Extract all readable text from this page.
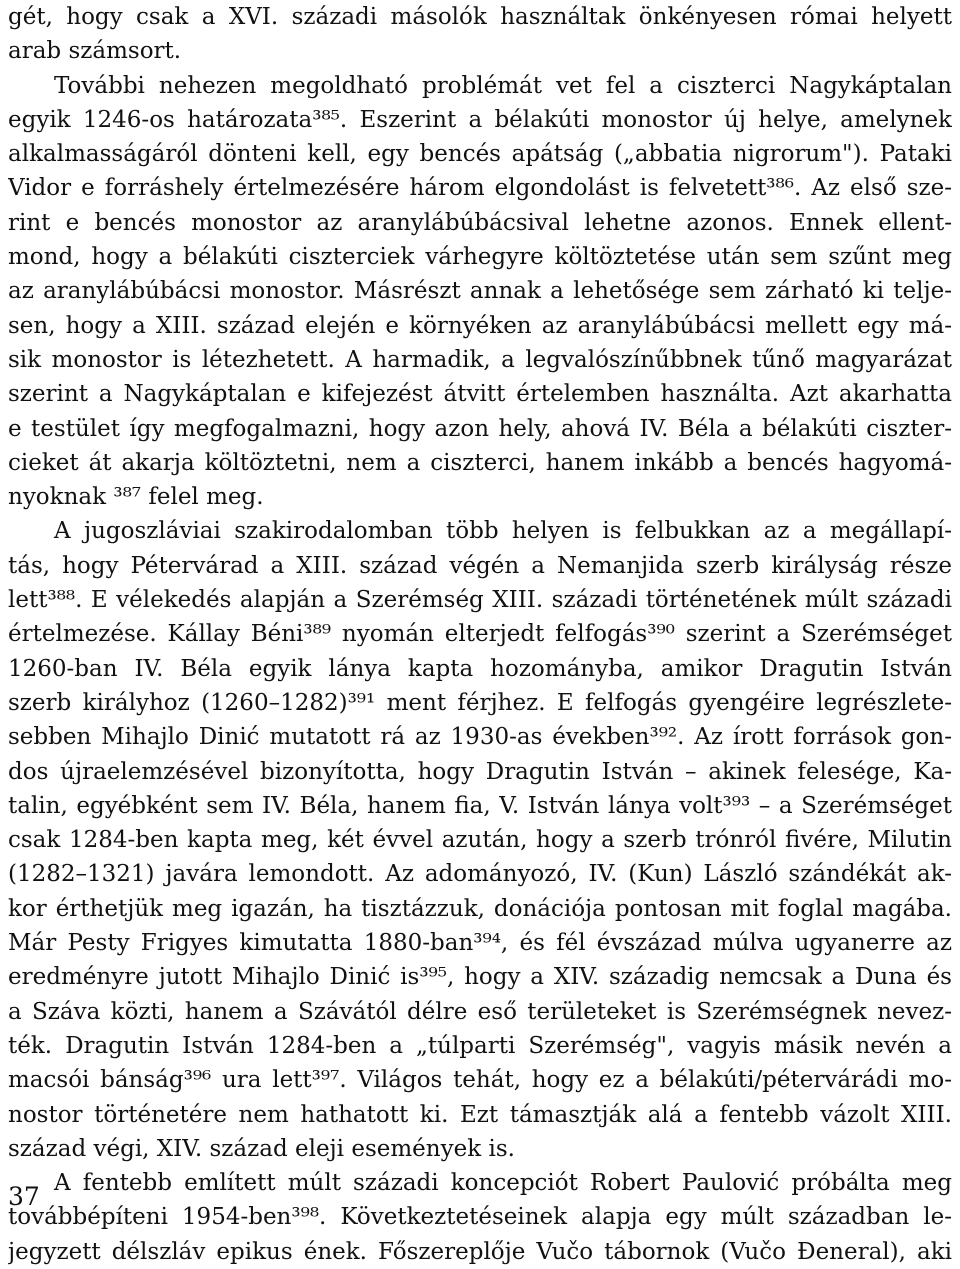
gét, hogy csak a XVI. századi másolók használtak önkényesen római helyett
arab számsort.
További nehezen megoldható problémát vet fel a ciszterci Nagykáptalan
egyik 1246-os határozata³⁸⁵. Eszerint a bélakúti monostor új helye, amelynek
alkalmasságáról dönteni kell, egy bencés apátság („abbatia nigrorum"). Pataki
Vidor e forráshely értelmezésére három elgondolást is felvetett³⁸⁶. Az első sze-
rint e bencés monostor az aranylábúbácsival lehetne azonos. Ennek ellent-
mond, hogy a bélakúti ciszterciek várhegyre költöztetése után sem szűnt meg
az aranylábúbácsi monostor. Másrészt annak a lehetősége sem zárható ki telje-
sen, hogy a XIII. század elején e környéken az aranylábúbácsi mellett egy má-
sik monostor is létezhetett. A harmadik, a legvalószínűbbnek tűnő magyarázat
szerint a Nagykáptalan e kifejezést átvitt értelemben használta. Azt akarhatta
e testület így megfogalmazni, hogy azon hely, ahová IV. Béla a bélakúti ciszter-
cieket át akarja költöztetni, nem a ciszterci, hanem inkább a bencés hagyomá-
nyoknak ³⁸⁷ felel meg.
A jugoszláviai szakirodalomban több helyen is felbukkan az a megállapí-
tás, hogy Pétervárad a XIII. század végén a Nemanjida szerb királyság része
lett³⁸⁸. E vélekedés alapján a Szerémség XIII. századi történetének múlt századi
értelmezése. Kállay Béni³⁸⁹ nyomán elterjedt felfogás³⁹⁰ szerint a Szerémséget
1260-ban IV. Béla egyik lánya kapta hozományba, amikor Dragutin István
szerb királyhoz (1260–1282)³⁹¹ ment férjhez. E felfogás gyengéire legrészlete-
sebben Mihajlo Dinić mutatott rá az 1930-as években³⁹². Az írott források gon-
dos újraelemzésével bizonyította, hogy Dragutin István – akinek felesége, Ka-
talin, egyébként sem IV. Béla, hanem fia, V. István lánya volt³⁹³ – a Szerémséget
csak 1284-ben kapta meg, két évvel azután, hogy a szerb trónról fivére, Milutin
(1282–1321) javára lemondott. Az adományozó, IV. (Kun) László szándékát ak-
kor érthetjük meg igazán, ha tisztázzuk, donációja pontosan mit foglal magába.
Már Pesty Frigyes kimutatta 1880-ban³⁹⁴, és fél évszázad múlva ugyanerre az
eredményre jutott Mihajlo Dinić is³⁹⁵, hogy a XIV. századig nemcsak a Duna és
a Száva közti, hanem a Szávától délre eső területeket is Szerémségnek nevez-
ték. Dragutin István 1284-ben a „túlparti Szerémség", vagyis másik nevén a
macsói bánság³⁹⁶ ura lett³⁹⁷. Világos tehát, hogy ez a bélakúti/pétervárádi mo-
nostor történetére nem hathatott ki. Ezt támasztják alá a fentebb vázolt XIII.
század végi, XIV. század eleji események is.
A fentebb említett múlt századi koncepciót Robert Paulović próbálta meg
továbbépíteni 1954-ben³⁹⁸. Következtetéseinek alapja egy múlt században le-
jegyzett délszláv epikus ének. Főszereplője Vučo tábornok (Vučo Đeneral), aki
37
